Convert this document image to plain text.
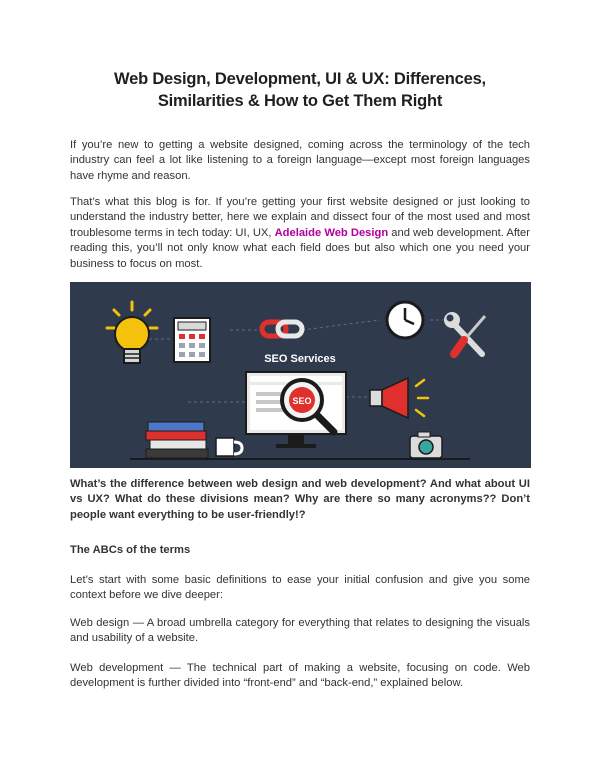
Web Design, Development, UI & UX: Differences, Similarities & How to Get Them Right

If you’re new to getting a website designed, coming across the terminology of the tech industry can feel a lot like listening to a foreign language—except most foreign languages have rhyme and reason.

That’s what this blog is for. If you’re getting your first website designed or just looking to understand the industry better, here we explain and dissect four of the most used and most troublesome terms in tech today: UI, UX, Adelaide Web Design and web development. After reading this, you’ll not only know what each field does but also which one you need your business to focus on most.

SEO Services
SEO

What’s the difference between web design and web development? And what about UI vs UX? What do these divisions mean? Why are there so many acronyms?? Don’t people want everything to be user-friendly!?

The ABCs of the terms

Let’s start with some basic definitions to ease your initial confusion and give you some context before we dive deeper:

Web design — A broad umbrella category for everything that relates to designing the visuals and usability of a website.

Web development — The technical part of making a website, focusing on code. Web development is further divided into “front-end” and “back-end,” explained below.
